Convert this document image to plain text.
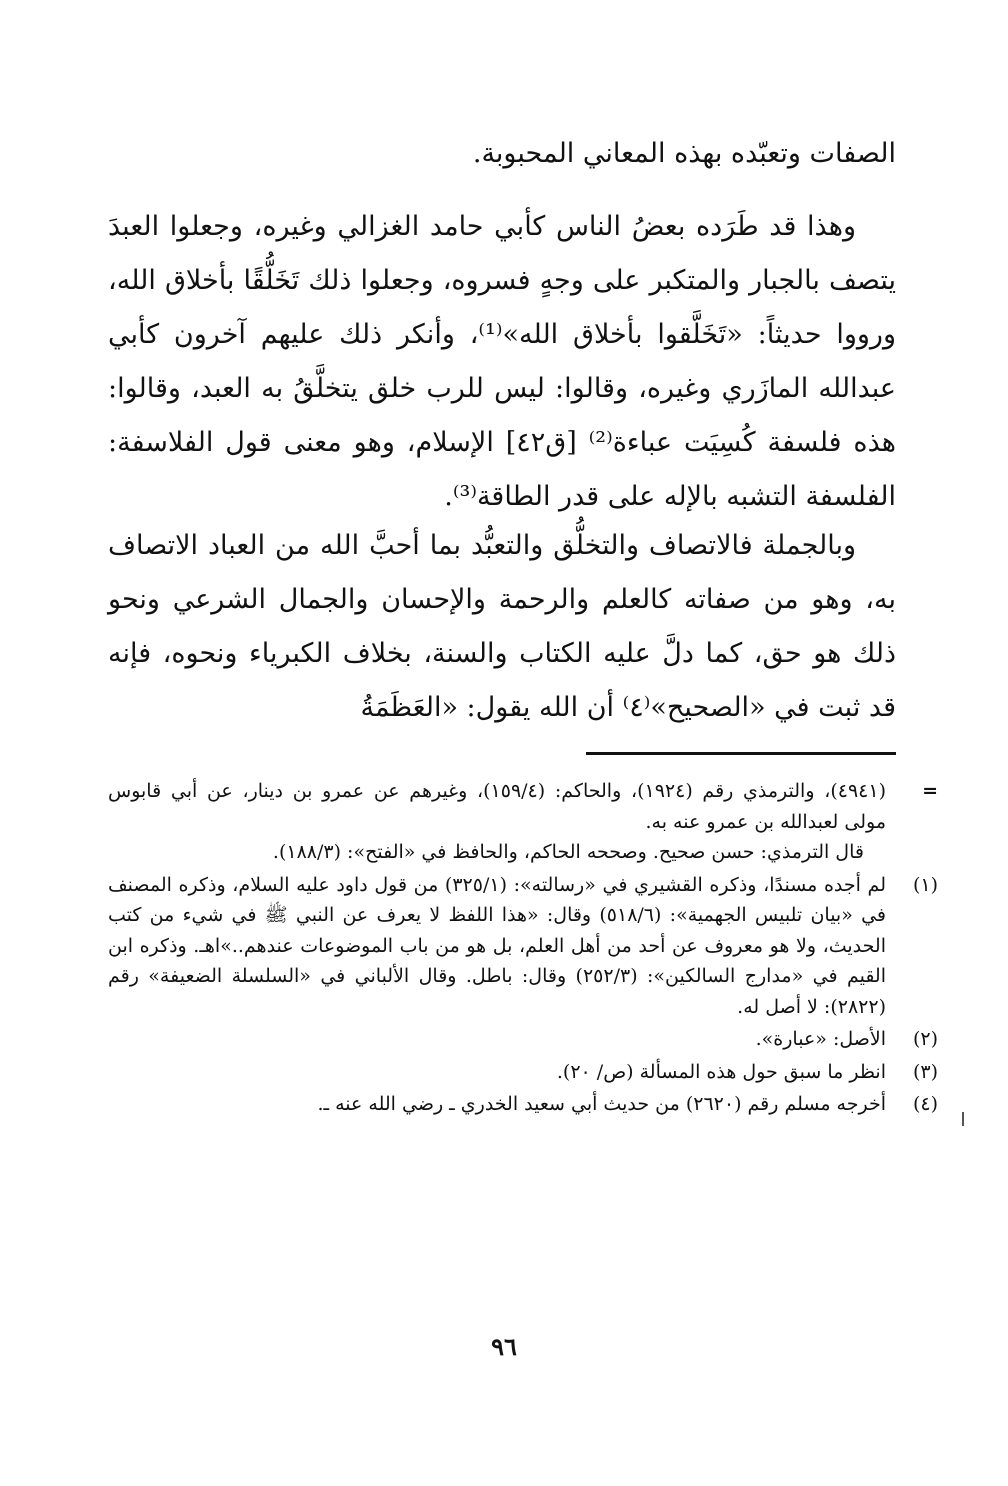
الصفات وتعبّده بهذه المعاني المحبوبة.

وهذا قد طَرَده بعضُ الناس كأبي حامد الغزالي وغيره، وجعلوا العبدَ يتصف بالجبار والمتكبر على وجهٍ فسروه، وجعلوا ذلك تَخَلُّقًا بأخلاق الله، ورووا حديثاً: «تَخَلَّقوا بأخلاق الله»⁽¹⁾، وأنكر ذلك عليهم آخرون كأبي عبدالله المازَري وغيره، وقالوا: ليس للرب خلق يتخلَّقُ به العبد، وقالوا: هذه فلسفة كُسِيَت عباءة⁽²⁾ [ق٤٢] الإسلام، وهو معنى قول الفلاسفة: الفلسفة التشبه بالإله على قدر الطاقة⁽³⁾.

وبالجملة فالاتصاف والتخلُّق والتعبُّد بما أحبَّ الله من العباد الاتصاف به، وهو من صفاته كالعلم والرحمة والإحسان والجمال الشرعي ونحو ذلك هو حق، كما دلَّ عليه الكتاب والسنة، بخلاف الكبرياء ونحوه، فإنه قد ثبت في «الصحيح»⁽٤⁾ أن الله يقول: «العَظَمَةُ

=
(٤٩٤١)، والترمذي رقم (١٩٢٤)، والحاكم: (١٥٩/٤)، وغيرهم عن عمرو بن دينار، عن أبي قابوس مولى لعبدالله بن عمرو عنه به.
قال الترمذي: حسن صحيح. وصححه الحاكم، والحافظ في «الفتح»: (١٨٨/٣).
(١)
لم أجده مسندًا، وذكره القشيري في «رسالته»: (٣٢٥/١) من قول داود عليه السلام، وذكره المصنف في «بيان تلبيس الجهمية»: (٥١٨/٦) وقال: «هذا اللفظ لا يعرف عن النبي ﷺ في شيء من كتب الحديث، ولا هو معروف عن أحد من أهل العلم، بل هو من باب الموضوعات عندهم..»اهـ. وذكره ابن القيم في «مدارج السالكين»: (٢٥٢/٣) وقال: باطل. وقال الألباني في «السلسلة الضعيفة» رقم (٢٨٢٢): لا أصل له.
(٢)
الأصل: «عبارة».
(٣)
انظر ما سبق حول هذه المسألة (ص/ ٢٠).
(٤)
أخرجه مسلم رقم (٢٦٢٠) من حديث أبي سعيد الخدري ـ رضي الله عنه ـ.
٩٦
